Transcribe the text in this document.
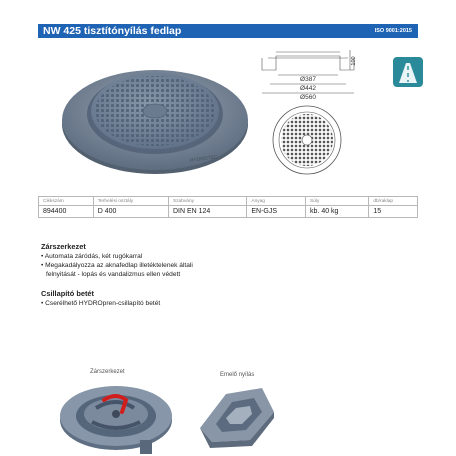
NW 425 tisztítónyílás fedlap	ISO 9001:2015
HYDROTEC
Ø387
Ø442
Ø560
100
Cikkszám	Terhelési osztály	Szabvány	Anyag	Súly	db/raklap
894400	D 400	DIN EN 124	EN-GJS	kb. 40 kg	15
Zárszerkezet
• Automata záródás, két rugókarral
• Megakadályozza az aknafedlap illetéktelenek általi
felnyitását - lopás és vandalizmus ellen védett
Csillapító betét
• Cserélhető HYDROpren-csillapító betét
Zárszerkezet	Emelő nyílás
